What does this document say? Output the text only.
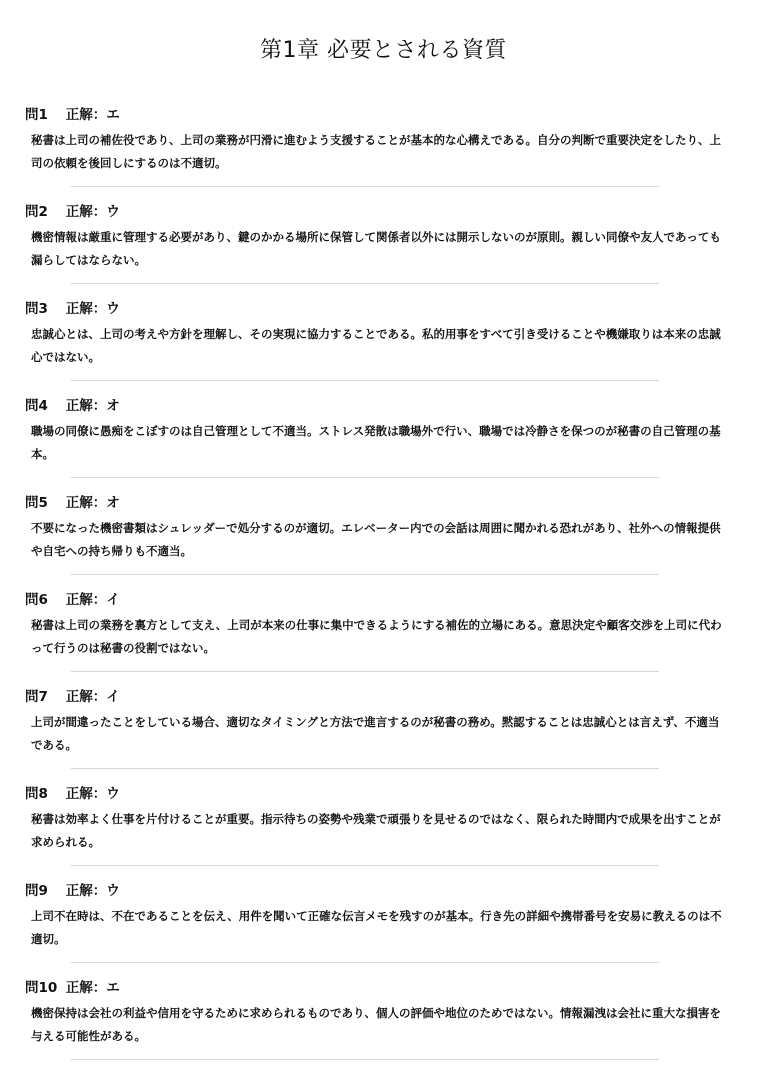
第1章 必要とされる資質
問1 正解：エ
秘書は上司の補佐役であり、上司の業務が円滑に進むよう支援することが基本的な心構えである。自分の判断で重要決定をしたり、上司の依頼を後回しにするのは不適切。
問2 正解：ウ
機密情報は厳重に管理する必要があり、鍵のかかる場所に保管して関係者以外には開示しないのが原則。親しい同僚や友人であっても漏らしてはならない。
問3 正解：ウ
忠誠心とは、上司の考えや方針を理解し、その実現に協力することである。私的用事をすべて引き受けることや機嫌取りは本来の忠誠心ではない。
問4 正解：オ
職場の同僚に愚痴をこぼすのは自己管理として不適当。ストレス発散は職場外で行い、職場では冷静さを保つのが秘書の自己管理の基本。
問5 正解：オ
不要になった機密書類はシュレッダーで処分するのが適切。エレベーター内での会話は周囲に聞かれる恐れがあり、社外への情報提供や自宅への持ち帰りも不適当。
問6 正解：イ
秘書は上司の業務を裏方として支え、上司が本来の仕事に集中できるようにする補佐的立場にある。意思決定や顧客交渉を上司に代わって行うのは秘書の役割ではない。
問7 正解：イ
上司が間違ったことをしている場合、適切なタイミングと方法で進言するのが秘書の務め。黙認することは忠誠心とは言えず、不適当である。
問8 正解：ウ
秘書は効率よく仕事を片付けることが重要。指示待ちの姿勢や残業で頑張りを見せるのではなく、限られた時間内で成果を出すことが求められる。
問9 正解：ウ
上司不在時は、不在であることを伝え、用件を聞いて正確な伝言メモを残すのが基本。行き先の詳細や携帯番号を安易に教えるのは不適切。
問10 正解：エ
機密保持は会社の利益や信用を守るために求められるものであり、個人の評価や地位のためではない。情報漏洩は会社に重大な損害を与える可能性がある。
